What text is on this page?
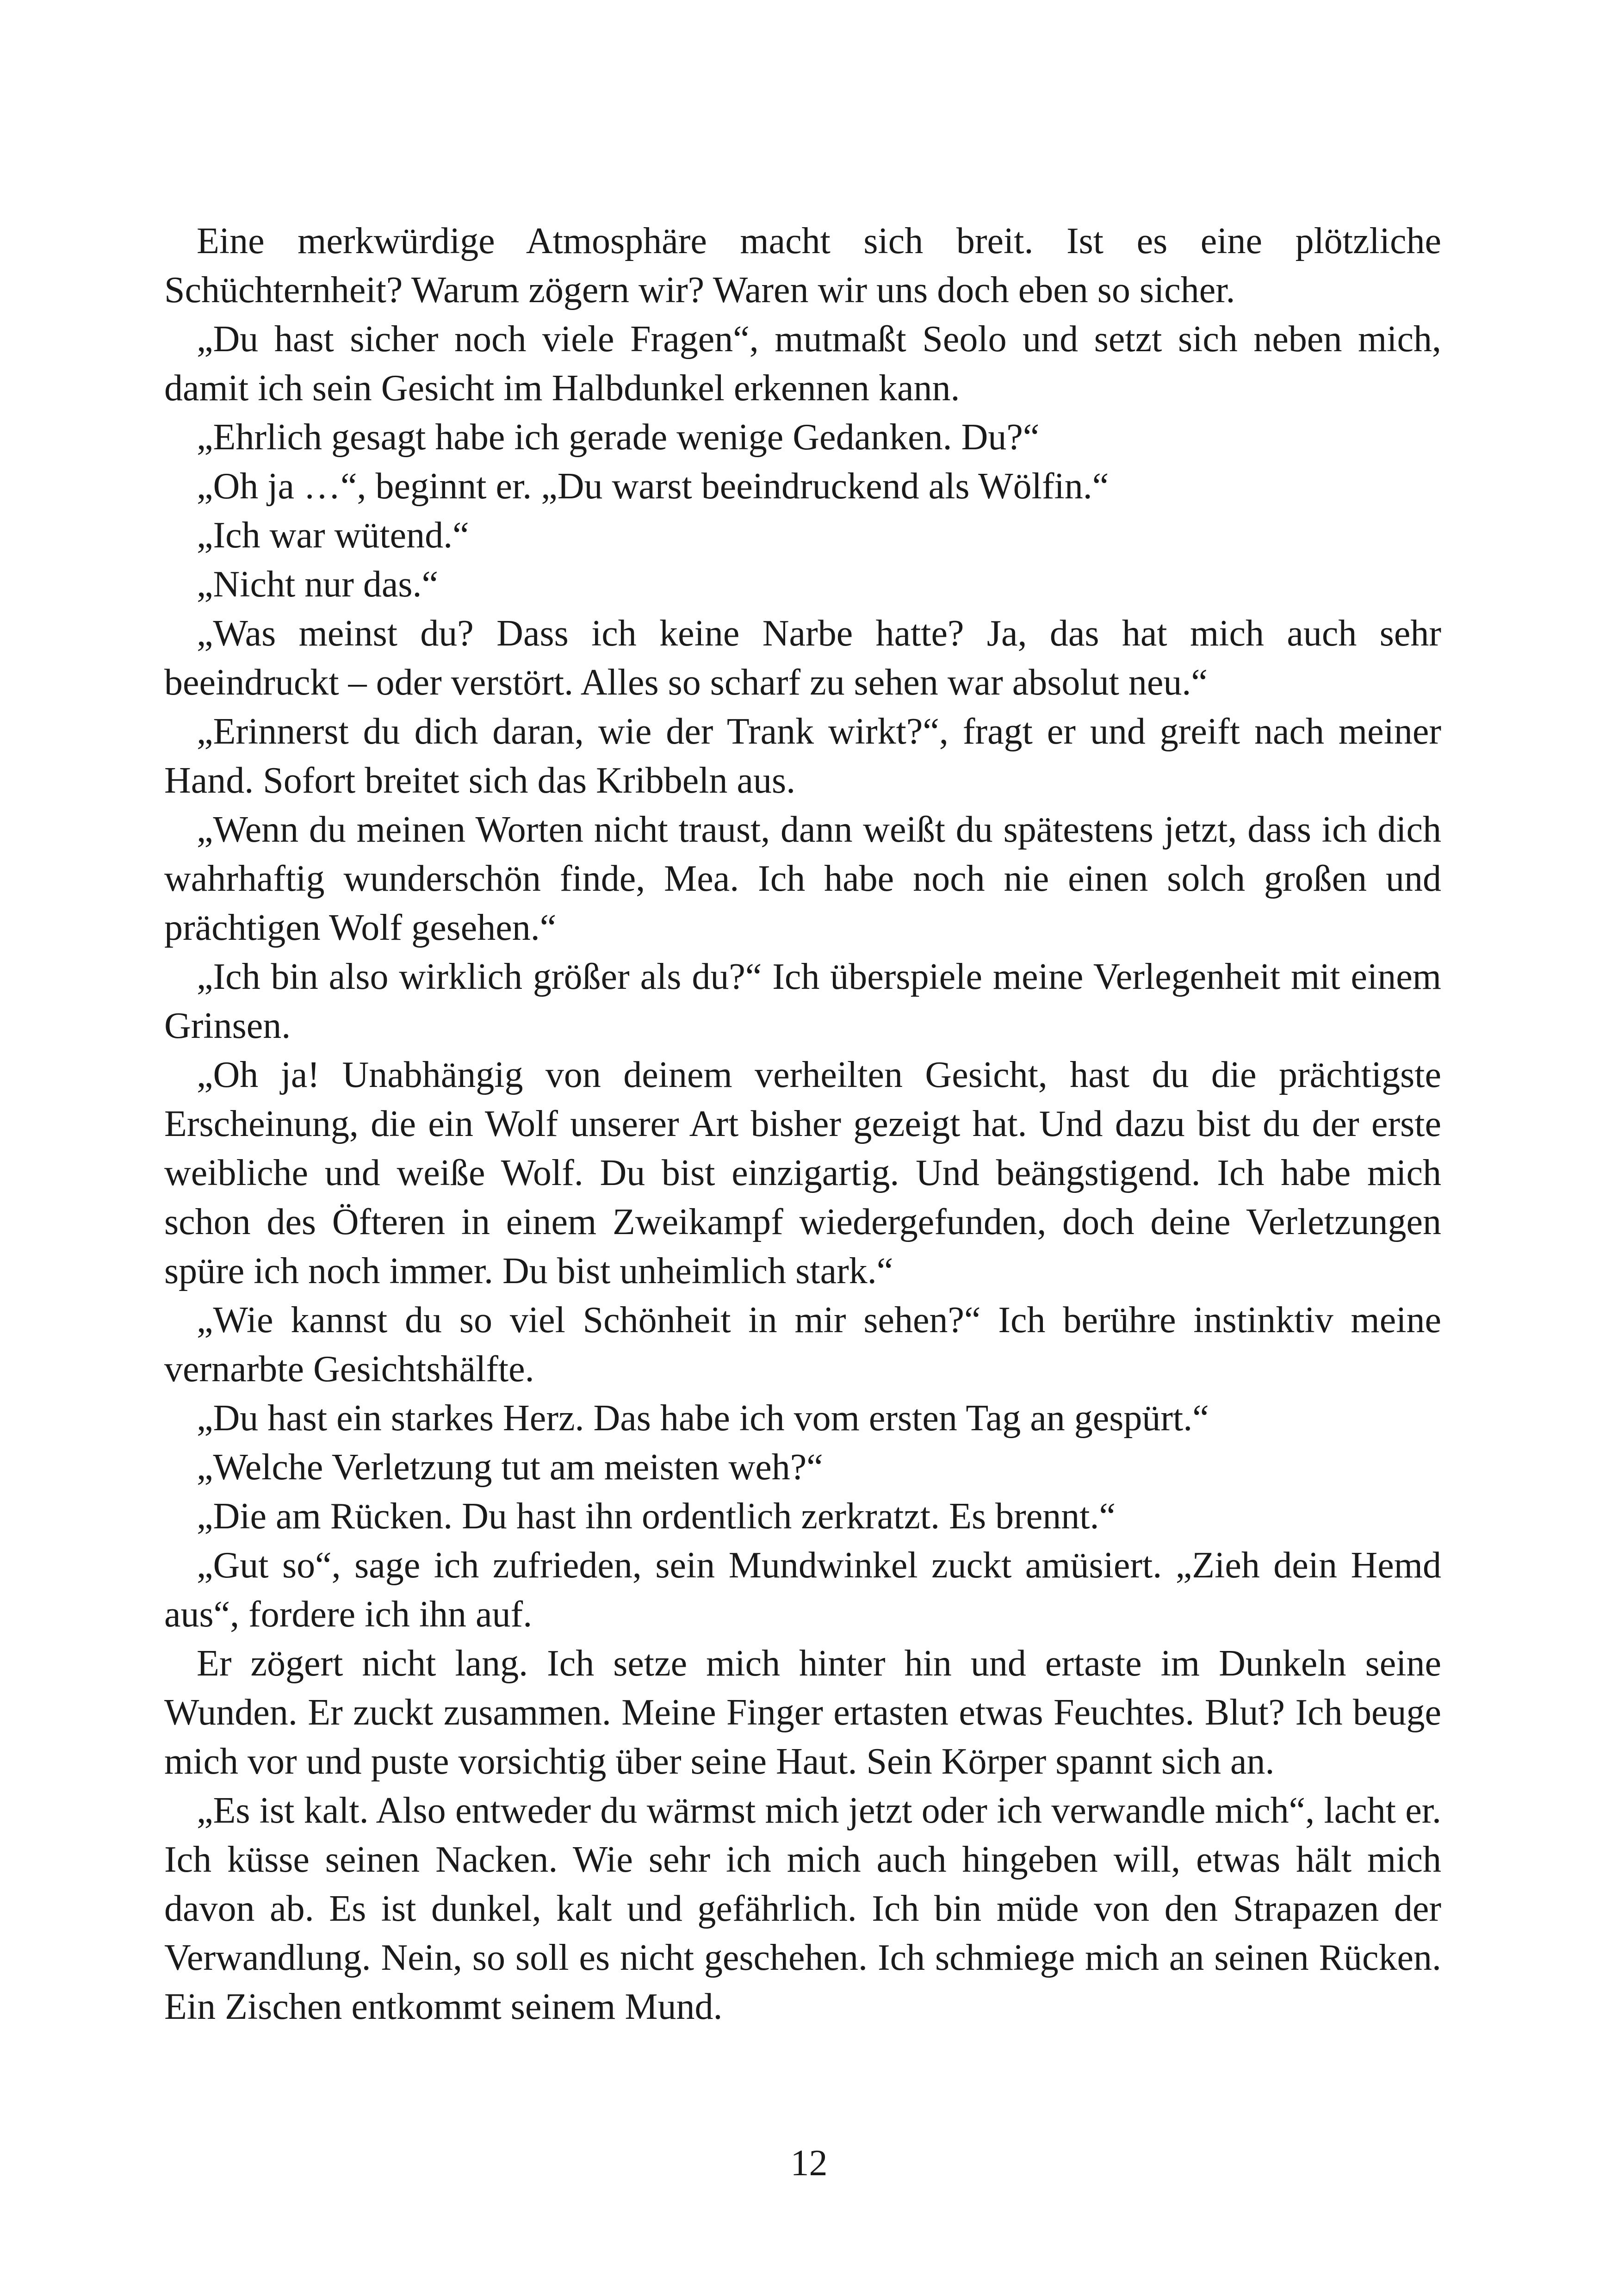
Eine merkwürdige Atmosphäre macht sich breit. Ist es eine plötzliche Schüchternheit? Warum zögern wir? Waren wir uns doch eben so sicher.

„Du hast sicher noch viele Fragen“, mutmaßt Seolo und setzt sich neben mich, damit ich sein Gesicht im Halbdunkel erkennen kann.

„Ehrlich gesagt habe ich gerade wenige Gedanken. Du?“

„Oh ja …“, beginnt er. „Du warst beeindruckend als Wölfin.“

„Ich war wütend.“

„Nicht nur das.“

„Was meinst du? Dass ich keine Narbe hatte? Ja, das hat mich auch sehr beeindruckt – oder verstört. Alles so scharf zu sehen war absolut neu.“

„Erinnerst du dich daran, wie der Trank wirkt?“, fragt er und greift nach meiner Hand. Sofort breitet sich das Kribbeln aus.

„Wenn du meinen Worten nicht traust, dann weißt du spätestens jetzt, dass ich dich wahrhaftig wunderschön finde, Mea. Ich habe noch nie einen solch großen und prächtigen Wolf gesehen.“

„Ich bin also wirklich größer als du?“ Ich überspiele meine Verlegenheit mit einem Grinsen.

„Oh ja! Unabhängig von deinem verheilten Gesicht, hast du die prächtigste Erscheinung, die ein Wolf unserer Art bisher gezeigt hat. Und dazu bist du der erste weibliche und weiße Wolf. Du bist einzigartig. Und beängstigend. Ich habe mich schon des Öfteren in einem Zweikampf wiedergefunden, doch deine Verletzungen spüre ich noch immer. Du bist unheimlich stark.“

„Wie kannst du so viel Schönheit in mir sehen?“ Ich berühre instinktiv meine vernarbte Gesichtshälfte.

„Du hast ein starkes Herz. Das habe ich vom ersten Tag an gespürt.“

„Welche Verletzung tut am meisten weh?“

„Die am Rücken. Du hast ihn ordentlich zerkratzt. Es brennt.“

„Gut so“, sage ich zufrieden, sein Mundwinkel zuckt amüsiert. „Zieh dein Hemd aus“, fordere ich ihn auf.

Er zögert nicht lang. Ich setze mich hinter hin und ertaste im Dunkeln seine Wunden. Er zuckt zusammen. Meine Finger ertasten etwas Feuchtes. Blut? Ich beuge mich vor und puste vorsichtig über seine Haut. Sein Körper spannt sich an.

„Es ist kalt. Also entweder du wärmst mich jetzt oder ich verwandle mich“, lacht er. Ich küsse seinen Nacken. Wie sehr ich mich auch hingeben will, etwas hält mich davon ab. Es ist dunkel, kalt und gefährlich. Ich bin müde von den Strapazen der Verwandlung. Nein, so soll es nicht geschehen. Ich schmiege mich an seinen Rücken. Ein Zischen entkommt seinem Mund.

12
